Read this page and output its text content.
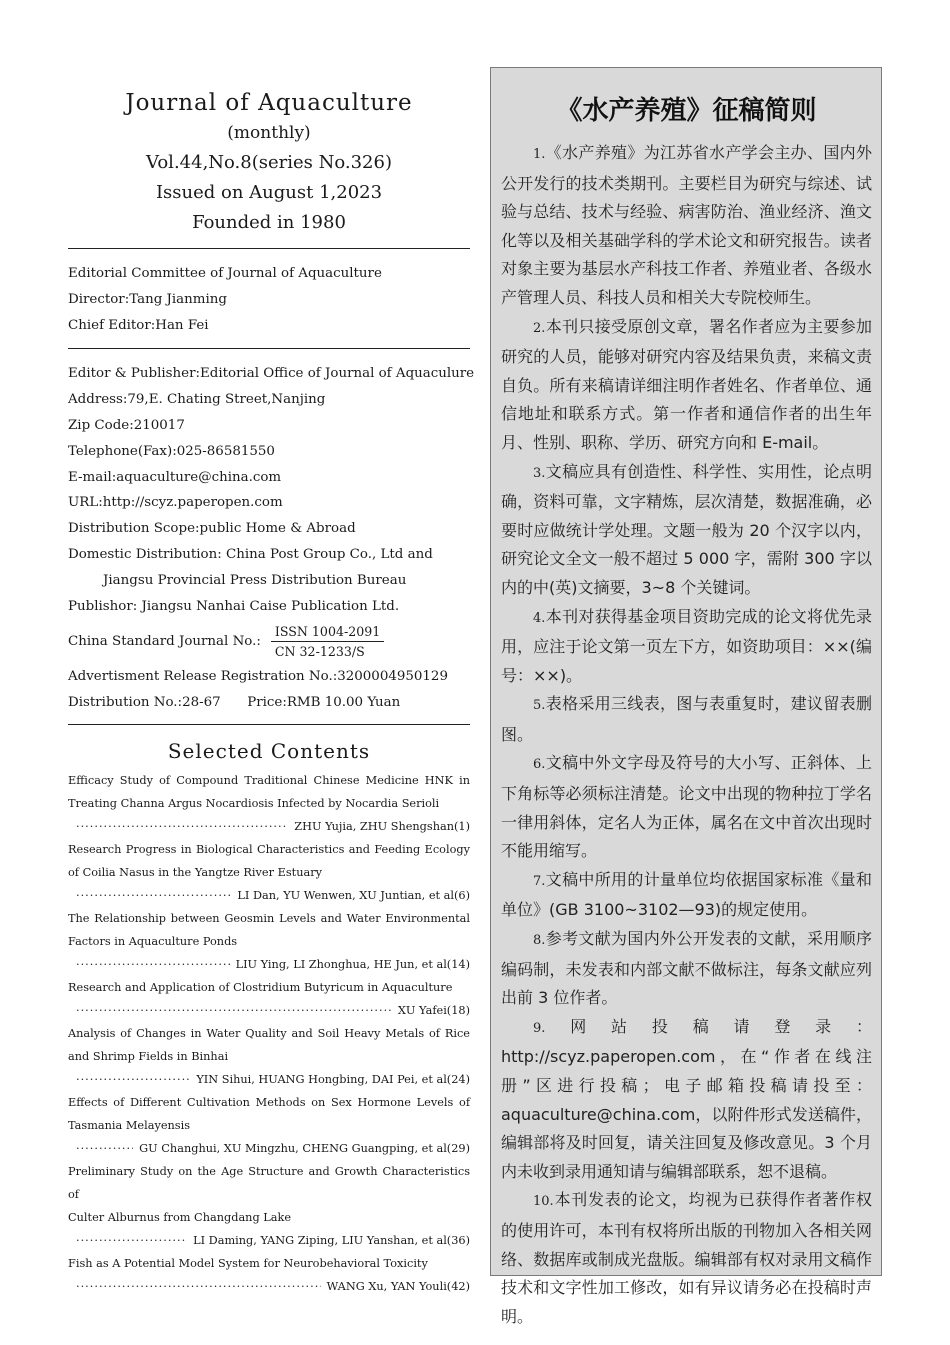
Journal of Aquaculture
(monthly)
Vol.44,No.8(series No.326)
Issued on August 1,2023
Founded in 1980
Editorial Committee of Journal of Aquaculture
Director:Tang Jianming
Chief Editor:Han Fei
Editor & Publisher:Editorial Office of Journal of Aquaculure
Address:79,E. Chating Street,Nanjing
Zip Code:210017
Telephone(Fax):025-86581550
E-mail:aquaculture@china.com
URL:http://scyz.paperopen.com
Distribution Scope:public Home & Abroad
Domestic Distribution: China Post Group Co., Ltd and
Jiangsu Provincial Press Distribution Bureau
Publishor: Jiangsu Nanhai Caise Publication Ltd.
China Standard Journal No.: $\frac{\text{ISSN 1004-2091}}{CN 32-1233/S}$
Advertisment Release Registration No.:3200004950129
Distribution No.:28-67 Price:RMB 10.00 Yuan
Selected Contents
Efficacy Study of Compound Traditional Chinese Medicine HNK in
Treating Channa Argus Nocardiosis Infected by Nocardia Serioli
·····
ZHU Yujia, ZHU Shengshan(1)
Research Progress in Biological Characteristics and Feeding Ecology
of Coilia Nasus in the Yangtze River Estuary
·····
LI Dan, YU Wenwen, XU Juntian, et al(6)
The Relationship between Geosmin Levels and Water Environmental
Factors in Aquaculture Ponds
·····
LIU Ying, LI Zhonghua, HE Jun, et al(14)
Research and Application of Clostridium Butyricum in Aquaculture
·····
XU Yafei(18)
Analysis of Changes in Water Quality and Soil Heavy Metals of Rice
and Shrimp Fields in Binhai
·····
YIN Sihui, HUANG Hongbing, DAI Pei, et al(24)
Effects of Different Cultivation Methods on Sex Hormone Levels of
Tasmania Melayensis
·····
GU Changhui, XU Mingzhu, CHENG Guangping, et al(29)
Preliminary Study on the Age Structure and Growth Characteristics of
Culter Alburnus from Changdang Lake
·····
LI Daming, YANG Ziping, LIU Yanshan, et al(36)
Fish as A Potential Model System for Neurobehavioral Toxicity
·····
WANG Xu, YAN Youli(42)
《水产养殖》征稿简则

1.《水产养殖》为江苏省水产学会主办、国内外公开发行的技术类期刊。主要栏目为研究与综述、试验与总结、技术与经验、病害防治、渔业经济、渔文化等以及相关基础学科的学术论文和研究报告。读者对象主要为基层水产科技工作者、养殖业者、各级水产管理人员、科技人员和相关大专院校师生。

2.本刊只接受原创文章，署名作者应为主要参加研究的人员，能够对研究内容及结果负责，来稿文责自负。所有来稿请详细注明作者姓名、作者单位、通信地址和联系方式。第一作者和通信作者的出生年月、性别、职称、学历、研究方向和 E-mail。

3.文稿应具有创造性、科学性、实用性，论点明确，资料可靠，文字精炼，层次清楚，数据准确，必要时应做统计学处理。文题一般为 20 个汉字以内，研究论文全文一般不超过 5 000 字，需附 300 字以内的中(英)文摘要，3~8 个关键词。

4.本刊对获得基金项目资助完成的论文将优先录用，应注于论文第一页左下方，如资助项目：××(编号：××)。

5.表格采用三线表，图与表重复时，建议留表删图。

6.文稿中外文字母及符号的大小写、正斜体、上下角标等必须标注清楚。论文中出现的物种拉丁学名一律用斜体，定名人为正体，属名在文中首次出现时不能用缩写。

7.文稿中所用的计量单位均依据国家标准《量和单位》(GB 3100~3102—93)的规定使用。

8.参考文献为国内外公开发表的文献，采用顺序编码制，未发表和内部文献不做标注，每条文献应列出前 3 位作者。

9.网站投稿请登录：http://scyz.paperopen.com，在“作者在线注册”区进行投稿；电子邮箱投稿请投至：aquaculture@china.com，以附件形式发送稿件，编辑部将及时回复，请关注回复及修改意见。3 个月内未收到录用通知请与编辑部联系，恕不退稿。

10.本刊发表的论文，均视为已获得作者著作权的使用许可，本刊有权将所出版的刊物加入各相关网络、数据库或制成光盘版。编辑部有权对录用文稿作技术和文字性加工修改，如有异议请务必在投稿时声明。
